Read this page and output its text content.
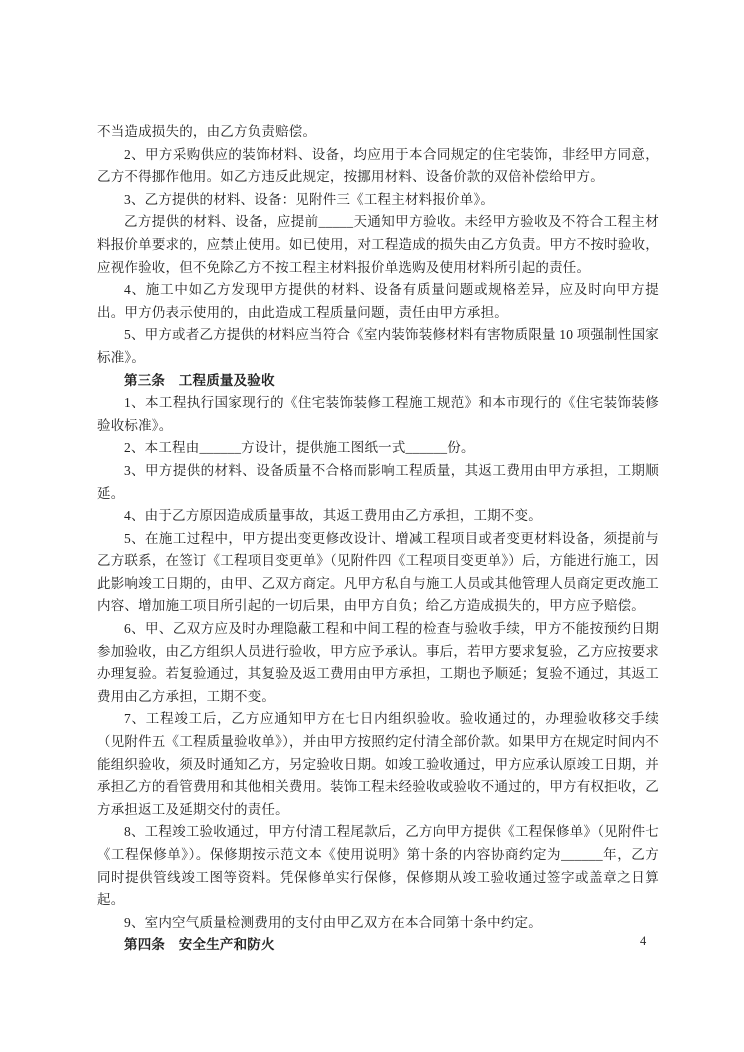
不当造成损失的，由乙方负责赔偿。

2、甲方采购供应的装饰材料、设备，均应用于本合同规定的住宅装饰，非经甲方同意，乙方不得挪作他用。如乙方违反此规定，按挪用材料、设备价款的双倍补偿给甲方。

3、乙方提供的材料、设备：见附件三《工程主材料报价单》。

乙方提供的材料、设备，应提前_____天通知甲方验收。未经甲方验收及不符合工程主材料报价单要求的，应禁止使用。如已使用，对工程造成的损失由乙方负责。甲方不按时验收，应视作验收，但不免除乙方不按工程主材料报价单选购及使用材料所引起的责任。

4、施工中如乙方发现甲方提供的材料、设备有质量问题或规格差异，应及时向甲方提出。甲方仍表示使用的，由此造成工程质量问题，责任由甲方承担。

5、甲方或者乙方提供的材料应当符合《室内装饰装修材料有害物质限量 10 项强制性国家标准》。

第三条　工程质量及验收

1、本工程执行国家现行的《住宅装饰装修工程施工规范》和本市现行的《住宅装饰装修验收标准》。

2、本工程由______方设计，提供施工图纸一式______份。

3、甲方提供的材料、设备质量不合格而影响工程质量，其返工费用由甲方承担，工期顺延。

4、由于乙方原因造成质量事故，其返工费用由乙方承担，工期不变。

5、在施工过程中，甲方提出变更修改设计、增减工程项目或者变更材料设备，须提前与乙方联系，在签订《工程项目变更单》（见附件四《工程项目变更单》）后，方能进行施工，因此影响竣工日期的，由甲、乙双方商定。凡甲方私自与施工人员或其他管理人员商定更改施工内容、增加施工项目所引起的一切后果，由甲方自负；给乙方造成损失的，甲方应予赔偿。

6、甲、乙双方应及时办理隐蔽工程和中间工程的检查与验收手续，甲方不能按预约日期参加验收，由乙方组织人员进行验收，甲方应予承认。事后，若甲方要求复验，乙方应按要求办理复验。若复验通过，其复验及返工费用由甲方承担，工期也予顺延；复验不通过，其返工费用由乙方承担，工期不变。

7、工程竣工后，乙方应通知甲方在七日内组织验收。验收通过的，办理验收移交手续（见附件五《工程质量验收单》），并由甲方按照约定付清全部价款。如果甲方在规定时间内不能组织验收，须及时通知乙方，另定验收日期。如竣工验收通过，甲方应承认原竣工日期，并承担乙方的看管费用和其他相关费用。装饰工程未经验收或验收不通过的，甲方有权拒收，乙方承担返工及延期交付的责任。

8、工程竣工验收通过，甲方付清工程尾款后，乙方向甲方提供《工程保修单》（见附件七《工程保修单》）。保修期按示范文本《使用说明》第十条的内容协商约定为______年，乙方同时提供管线竣工图等资料。凭保修单实行保修，保修期从竣工验收通过签字或盖章之日算起。

9、室内空气质量检测费用的支付由甲乙双方在本合同第十条中约定。

第四条　安全生产和防火	4
